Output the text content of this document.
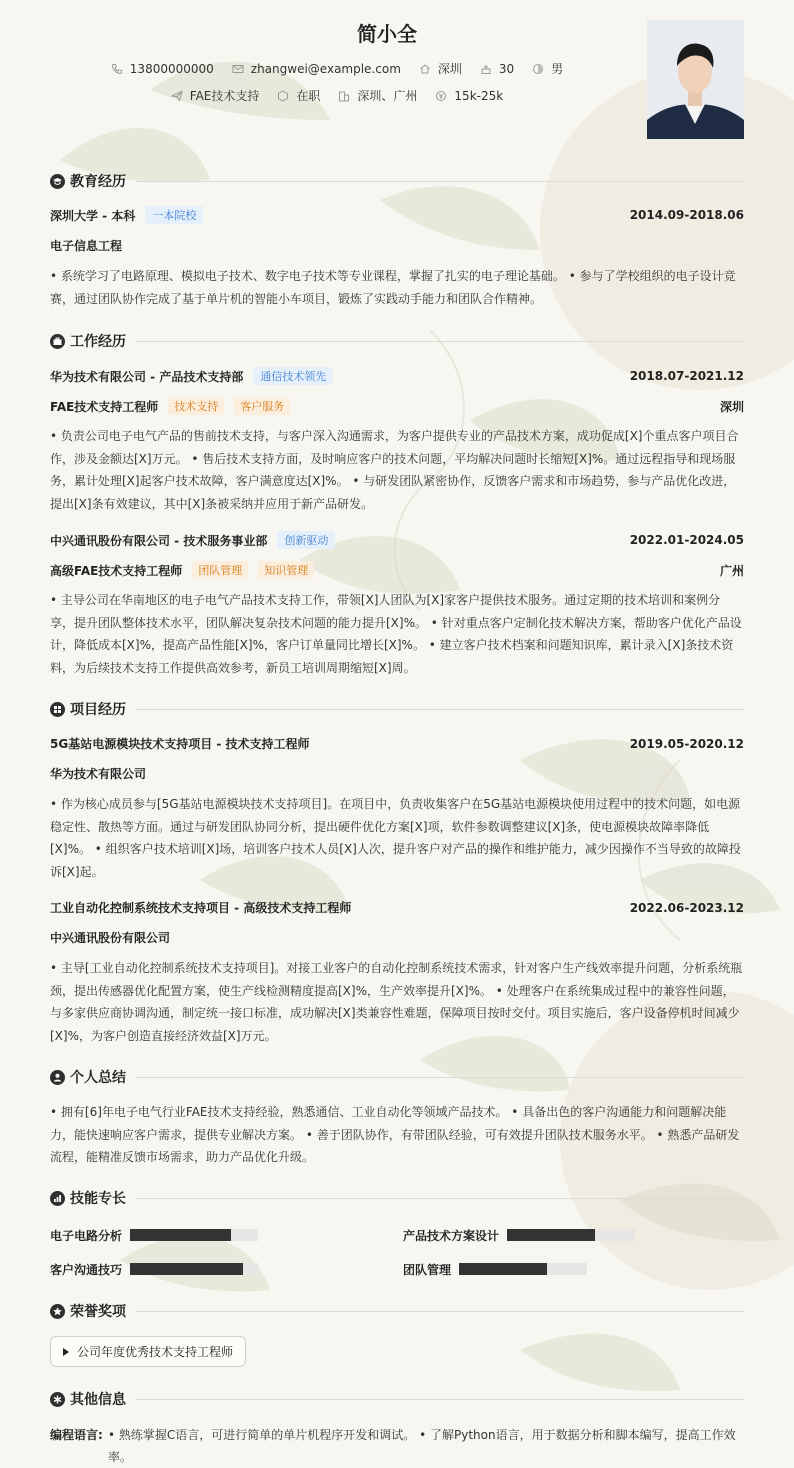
简小全
13800000000	zhangwei@example.com	深圳	30	男
FAE技术支持	在职	深圳、广州	15k-25k
教育经历
深圳大学 - 本科	一本院校	2014.09-2018.06
电子信息工程
• 系统学习了电路原理、模拟电子技术、数字电子技术等专业课程，掌握了扎实的电子理论基础。 • 参与了学校组织的电子设计竞赛，通过团队协作完成了基于单片机的智能小车项目，锻炼了实践动手能力和团队合作精神。
工作经历
华为技术有限公司 - 产品技术支持部	通信技术领先	2018.07-2021.12
FAE技术支持工程师	技术支持	客户服务	深圳
• 负责公司电子电气产品的售前技术支持，与客户深入沟通需求，为客户提供专业的产品技术方案，成功促成[X]个重点客户项目合作，涉及金额达[X]万元。 • 售后技术支持方面，及时响应客户的技术问题，平均解决问题时长缩短[X]%。通过远程指导和现场服务，累计处理[X]起客户技术故障，客户满意度达[X]%。 • 与研发团队紧密协作，反馈客户需求和市场趋势，参与产品优化改进，提出[X]条有效建议，其中[X]条被采纳并应用于新产品研发。
中兴通讯股份有限公司 - 技术服务事业部	创新驱动	2022.01-2024.05
高级FAE技术支持工程师	团队管理	知识管理	广州
• 主导公司在华南地区的电子电气产品技术支持工作，带领[X]人团队为[X]家客户提供技术服务。通过定期的技术培训和案例分享，提升团队整体技术水平，团队解决复杂技术问题的能力提升[X]%。 • 针对重点客户定制化技术解决方案，帮助客户优化产品设计，降低成本[X]%，提高产品性能[X]%，客户订单量同比增长[X]%。 • 建立客户技术档案和问题知识库，累计录入[X]条技术资料，为后续技术支持工作提供高效参考，新员工培训周期缩短[X]周。
项目经历
5G基站电源模块技术支持项目 - 技术支持工程师	2019.05-2020.12
华为技术有限公司
• 作为核心成员参与[5G基站电源模块技术支持项目]。在项目中，负责收集客户在5G基站电源模块使用过程中的技术问题，如电源稳定性、散热等方面。通过与研发团队协同分析，提出硬件优化方案[X]项，软件参数调整建议[X]条，使电源模块故障率降低[X]%。 • 组织客户技术培训[X]场，培训客户技术人员[X]人次，提升客户对产品的操作和维护能力，减少因操作不当导致的故障投诉[X]起。
工业自动化控制系统技术支持项目 - 高级技术支持工程师	2022.06-2023.12
中兴通讯股份有限公司
• 主导[工业自动化控制系统技术支持项目]。对接工业客户的自动化控制系统技术需求，针对客户生产线效率提升问题，分析系统瓶颈，提出传感器优化配置方案，使生产线检测精度提高[X]%，生产效率提升[X]%。 • 处理客户在系统集成过程中的兼容性问题，与多家供应商协调沟通，制定统一接口标准，成功解决[X]类兼容性难题，保障项目按时交付。项目实施后，客户设备停机时间减少[X]%，为客户创造直接经济效益[X]万元。
个人总结
• 拥有[6]年电子电气行业FAE技术支持经验，熟悉通信、工业自动化等领域产品技术。 • 具备出色的客户沟通能力和问题解决能力，能快速响应客户需求，提供专业解决方案。 • 善于团队协作，有带团队经验，可有效提升团队技术服务水平。 • 熟悉产品研发流程，能精准反馈市场需求，助力产品优化升级。
技能专长
电子电路分析	产品技术方案设计
客户沟通技巧	团队管理
荣誉奖项
公司年度优秀技术支持工程师
其他信息
编程语言: • 熟练掌握C语言，可进行简单的单片机程序开发和调试。 • 了解Python语言，用于数据分析和脚本编写，提高工作效率。
